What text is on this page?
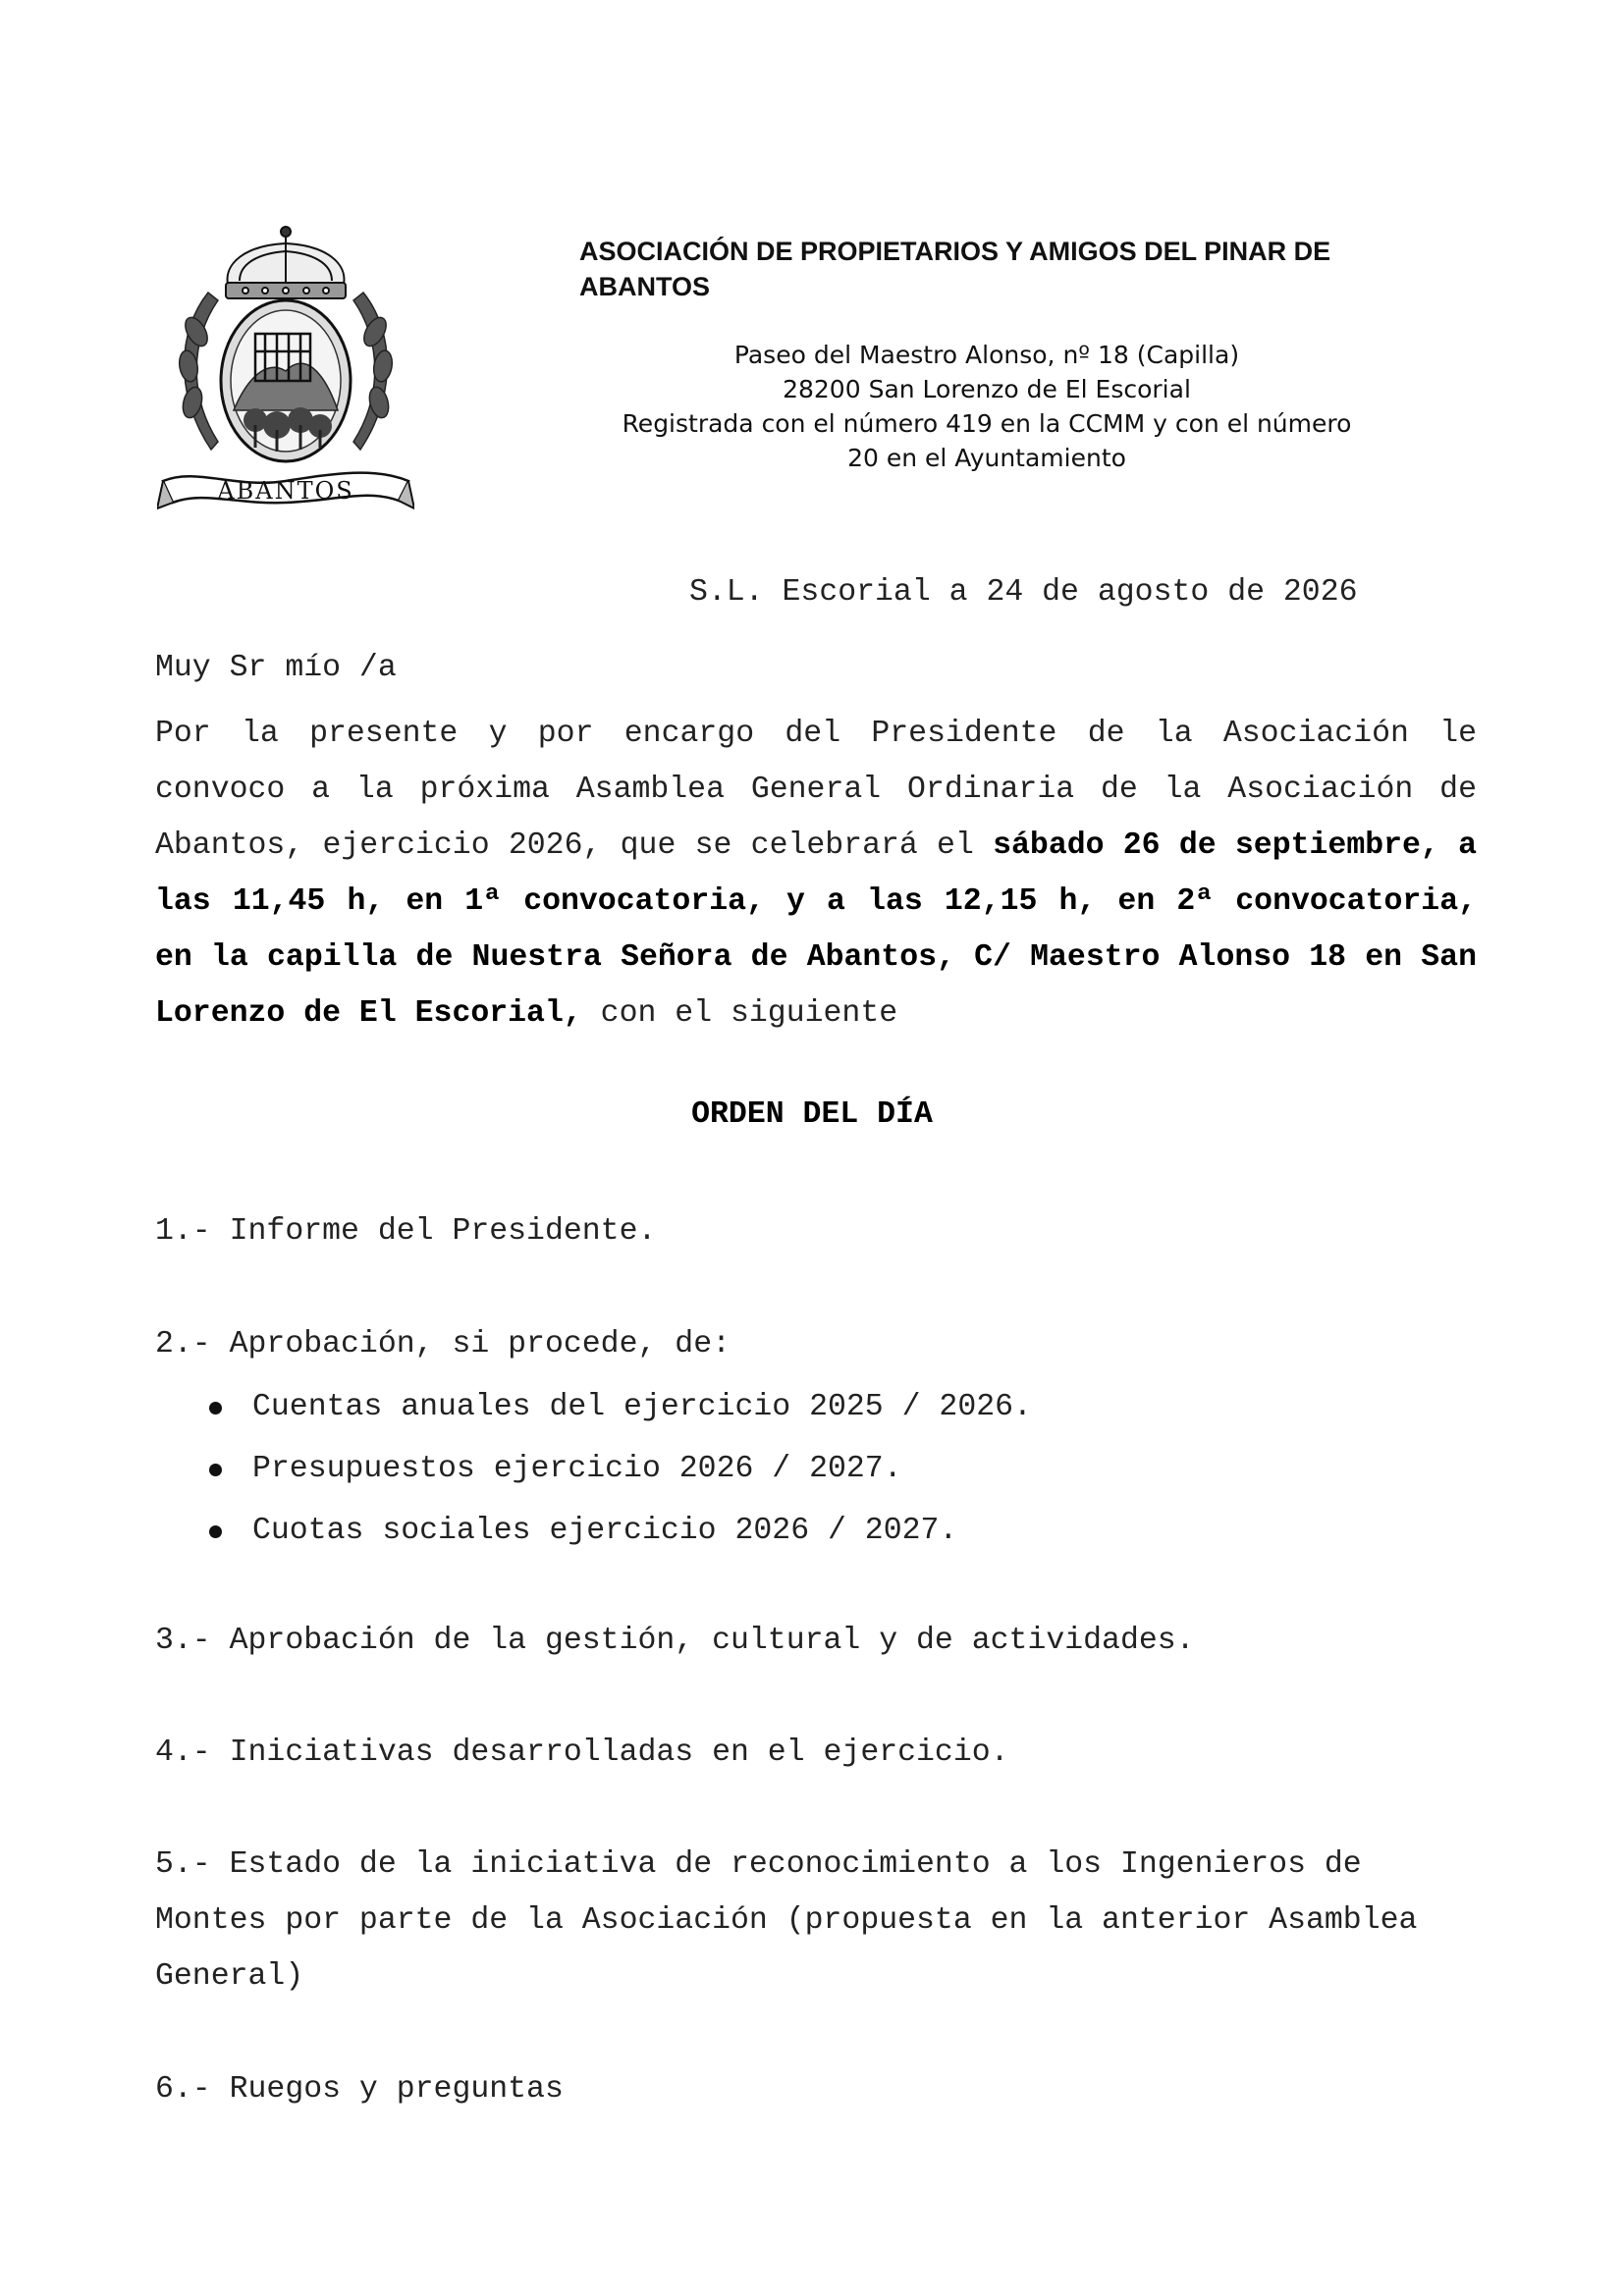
ABANTOS
ASOCIACIÓN DE PROPIETARIOS Y AMIGOS DEL PINAR DE ABANTOS
Paseo del Maestro Alonso, nº 18 (Capilla)
28200 San Lorenzo de El Escorial
Registrada con el número 419 en la CCMM y con el número
20 en el Ayuntamiento
S.L. Escorial a 24 de agosto de 2026
Muy Sr mío /a
Por la presente y por encargo del Presidente de la Asociación le convoco a la próxima Asamblea General Ordinaria de la Asociación de Abantos, ejercicio 2026, que se celebrará el sábado 26 de septiembre, a las 11,45 h, en 1ª convocatoria, y a las 12,15 h, en 2ª convocatoria, en la capilla de Nuestra Señora de Abantos, C/ Maestro Alonso 18 en San Lorenzo de El Escorial, con el siguiente
ORDEN DEL DÍA
1.- Informe del Presidente.
2.- Aprobación, si procede, de:
Cuentas anuales del ejercicio 2025 / 2026.
Presupuestos ejercicio 2026 / 2027.
Cuotas sociales ejercicio 2026 / 2027.
3.- Aprobación de la gestión, cultural y de actividades.
4.- Iniciativas desarrolladas en el ejercicio.
5.- Estado de la iniciativa de reconocimiento a los Ingenieros de Montes por parte de la Asociación (propuesta en la anterior Asamblea General)
6.- Ruegos y preguntas
